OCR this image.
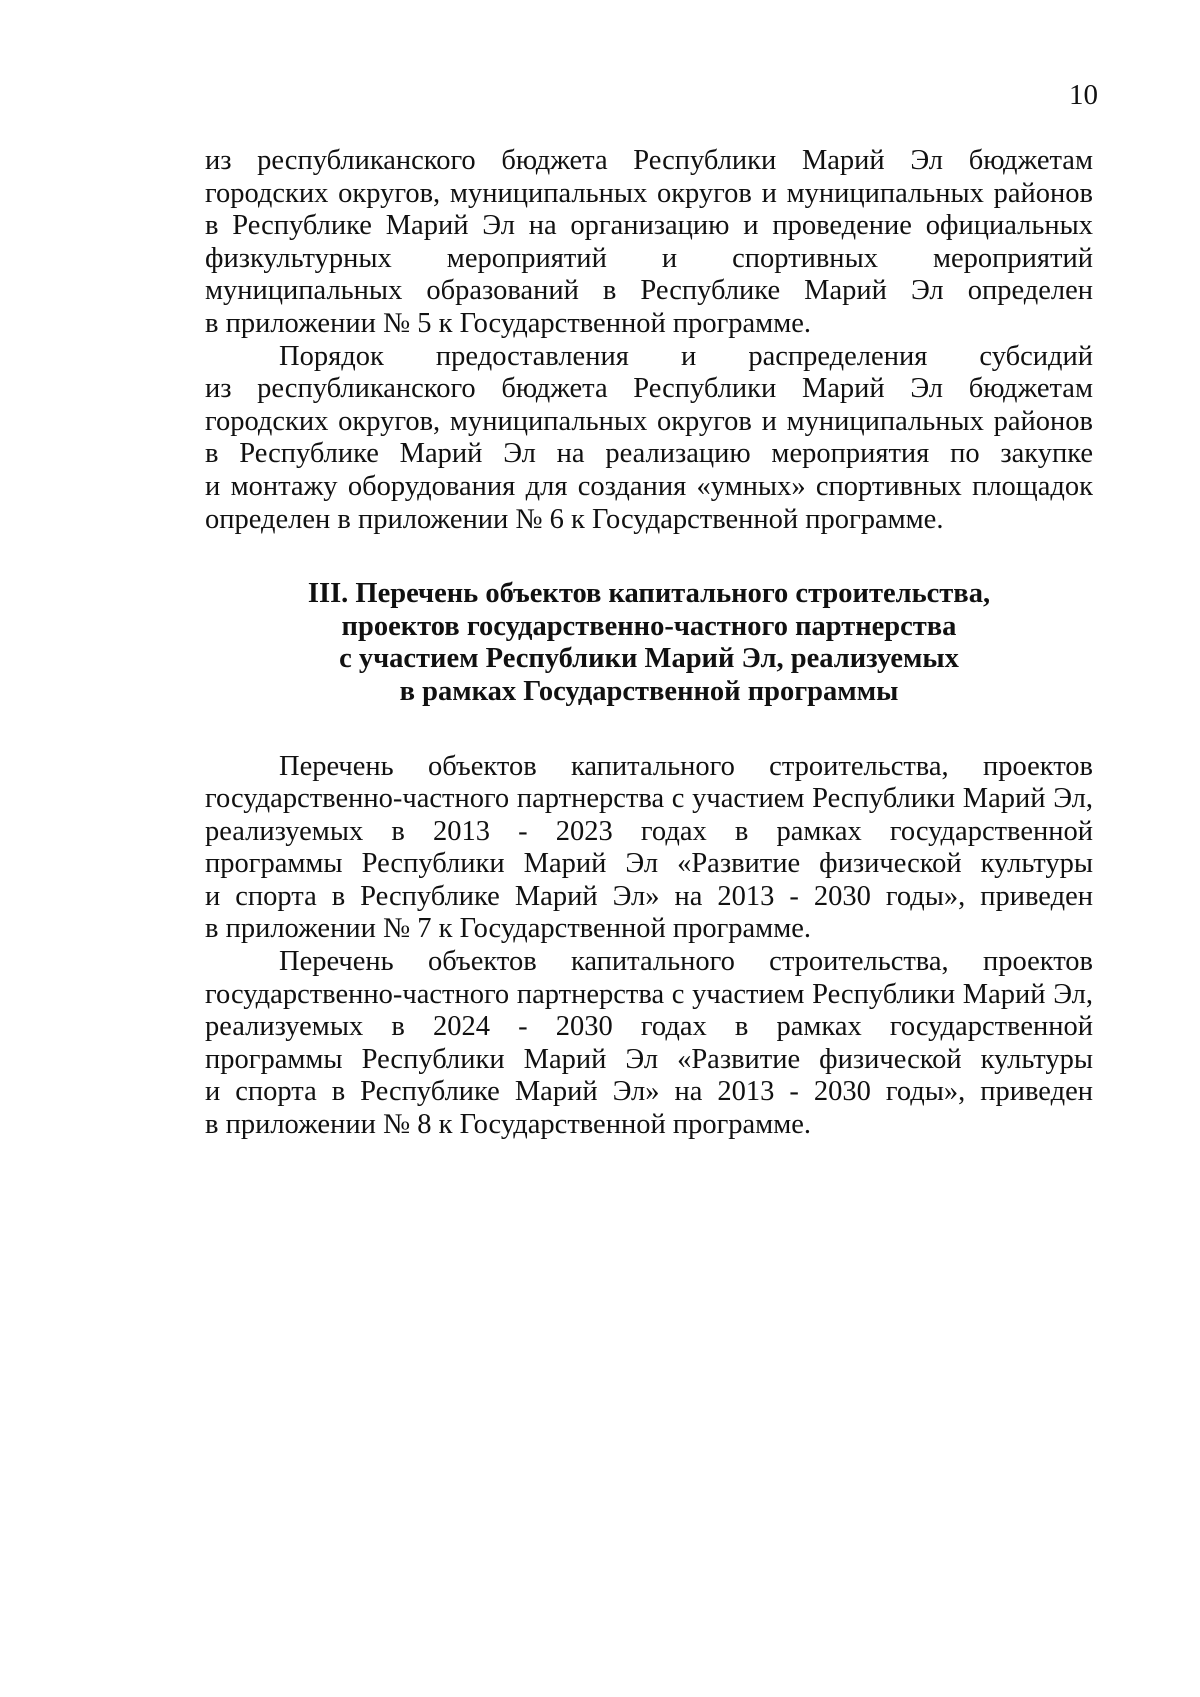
10
из республиканского бюджета Республики Марий Эл бюджетам
городских округов, муниципальных округов и муниципальных районов
в Республике Марий Эл на организацию и проведение официальных
физкультурных мероприятий и спортивных мероприятий
муниципальных образований в Республике Марий Эл определен
в приложении № 5 к Государственной программе.
Порядок предоставления и распределения субсидий
из республиканского бюджета Республики Марий Эл бюджетам
городских округов, муниципальных округов и муниципальных районов
в Республике Марий Эл на реализацию мероприятия по закупке
и монтажу оборудования для создания «умных» спортивных площадок
определен в приложении № 6 к Государственной программе.
III. Перечень объектов капитального строительства,
проектов государственно-частного партнерства
с участием Республики Марий Эл, реализуемых
в рамках Государственной программы
Перечень объектов капитального строительства, проектов
государственно-частного партнерства с участием Республики Марий Эл,
реализуемых в 2013 - 2023 годах в рамках государственной
программы Республики Марий Эл «Развитие физической культуры
и спорта в Республике Марий Эл» на 2013 - 2030 годы», приведен
в приложении № 7 к Государственной программе.
Перечень объектов капитального строительства, проектов
государственно-частного партнерства с участием Республики Марий Эл,
реализуемых в 2024 - 2030 годах в рамках государственной
программы Республики Марий Эл «Развитие физической культуры
и спорта в Республике Марий Эл» на 2013 - 2030 годы», приведен
в приложении № 8 к Государственной программе.
